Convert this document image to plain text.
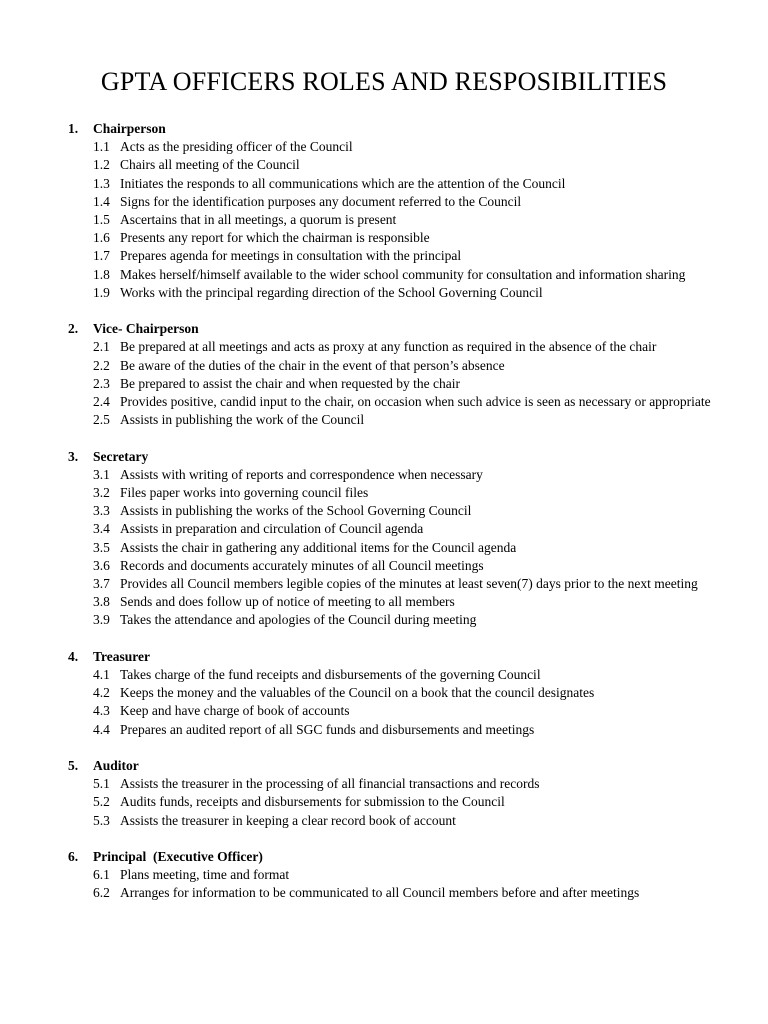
GPTA OFFICERS ROLES AND RESPOSIBILITIES
1.	Chairperson
1.1 Acts as the presiding officer of the Council
1.2 Chairs all meeting of the Council
1.3 Initiates the responds to all communications which are the attention of the Council
1.4 Signs for the identification purposes any document referred to the Council
1.5 Ascertains that in all meetings, a quorum is present
1.6 Presents any report for which the chairman is responsible
1.7 Prepares agenda for meetings in consultation with the principal
1.8 Makes herself/himself available to the wider school community for consultation and information sharing
1.9 Works with the principal regarding direction of the School Governing Council
2.	Vice- Chairperson
2.1 Be prepared at all meetings and acts as proxy at any function as required in the absence of the chair
2.2 Be aware of the duties of the chair in the event of that person’s absence
2.3 Be prepared to assist the chair and when requested by the chair
2.4 Provides positive, candid input to the chair, on occasion when such advice is seen as necessary or appropriate
2.5 Assists in publishing the work of the Council
3.	Secretary
3.1 Assists with writing of reports and correspondence when necessary
3.2 Files paper works into governing council files
3.3 Assists in publishing the works of the School Governing Council
3.4 Assists in preparation and circulation of Council agenda
3.5 Assists the chair in gathering any additional items for the Council agenda
3.6 Records and documents accurately minutes of all Council meetings
3.7 Provides all Council members legible copies of the minutes at least seven(7) days prior to the next meeting
3.8 Sends and does follow up of notice of meeting to all members
3.9 Takes the attendance and apologies of the Council during meeting
4.	Treasurer
4.1 Takes charge of the fund receipts and disbursements of the governing Council
4.2 Keeps the money and the valuables of the Council on a book that the council designates
4.3 Keep and have charge of book of accounts
4.4 Prepares an audited report of all SGC funds and disbursements and meetings
5.	Auditor
5.1 Assists the treasurer in the processing of all financial transactions and records
5.2 Audits funds, receipts and disbursements for submission to the Council
5.3 Assists the treasurer in keeping a clear record book of account
6.	Principal  (Executive Officer)
6.1 Plans meeting, time and format
6.2 Arranges for information to be communicated to all Council members before and after meetings
